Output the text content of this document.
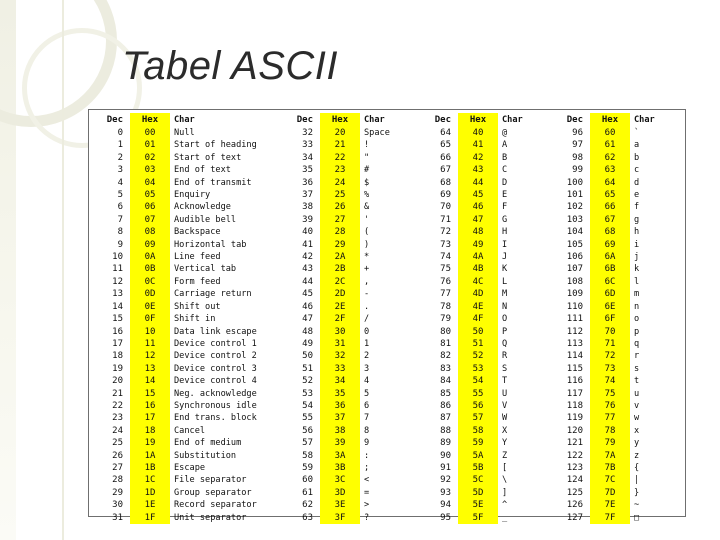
Tabel ASCII
Dec	Hex	Char	Dec	Hex	Char	Dec	Hex	Char	Dec	Hex	Char
0	00	Null	32	20	Space	64	40	@	96	60	`
1	01	Start of heading	33	21	!	65	41	A	97	61	a
2	02	Start of text	34	22	"	66	42	B	98	62	b
3	03	End of text	35	23	#	67	43	C	99	63	c
4	04	End of transmit	36	24	$	68	44	D	100	64	d
5	05	Enquiry	37	25	%	69	45	E	101	65	e
6	06	Acknowledge	38	26	&	70	46	F	102	66	f
7	07	Audible bell	39	27	'	71	47	G	103	67	g
8	08	Backspace	40	28	(	72	48	H	104	68	h
9	09	Horizontal tab	41	29	)	73	49	I	105	69	i
10	0A	Line feed	42	2A	*	74	4A	J	106	6A	j
11	0B	Vertical tab	43	2B	+	75	4B	K	107	6B	k
12	0C	Form feed	44	2C	,	76	4C	L	108	6C	l
13	0D	Carriage return	45	2D	-	77	4D	M	109	6D	m
14	0E	Shift out	46	2E	.	78	4E	N	110	6E	n
15	0F	Shift in	47	2F	/	79	4F	O	111	6F	o
16	10	Data link escape	48	30	0	80	50	P	112	70	p
17	11	Device control 1	49	31	1	81	51	Q	113	71	q
18	12	Device control 2	50	32	2	82	52	R	114	72	r
19	13	Device control 3	51	33	3	83	53	S	115	73	s
20	14	Device control 4	52	34	4	84	54	T	116	74	t
21	15	Neg. acknowledge	53	35	5	85	55	U	117	75	u
22	16	Synchronous idle	54	36	6	86	56	V	118	76	v
23	17	End trans. block	55	37	7	87	57	W	119	77	w
24	18	Cancel	56	38	8	88	58	X	120	78	x
25	19	End of medium	57	39	9	89	59	Y	121	79	y
26	1A	Substitution	58	3A	:	90	5A	Z	122	7A	z
27	1B	Escape	59	3B	;	91	5B	[	123	7B	{
28	1C	File separator	60	3C	<	92	5C	\	124	7C	|
29	1D	Group separator	61	3D	=	93	5D	]	125	7D	}
30	1E	Record separator	62	3E	>	94	5E	^	126	7E	~
31	1F	Unit separator	63	3F	?	95	5F	_	127	7F	□
